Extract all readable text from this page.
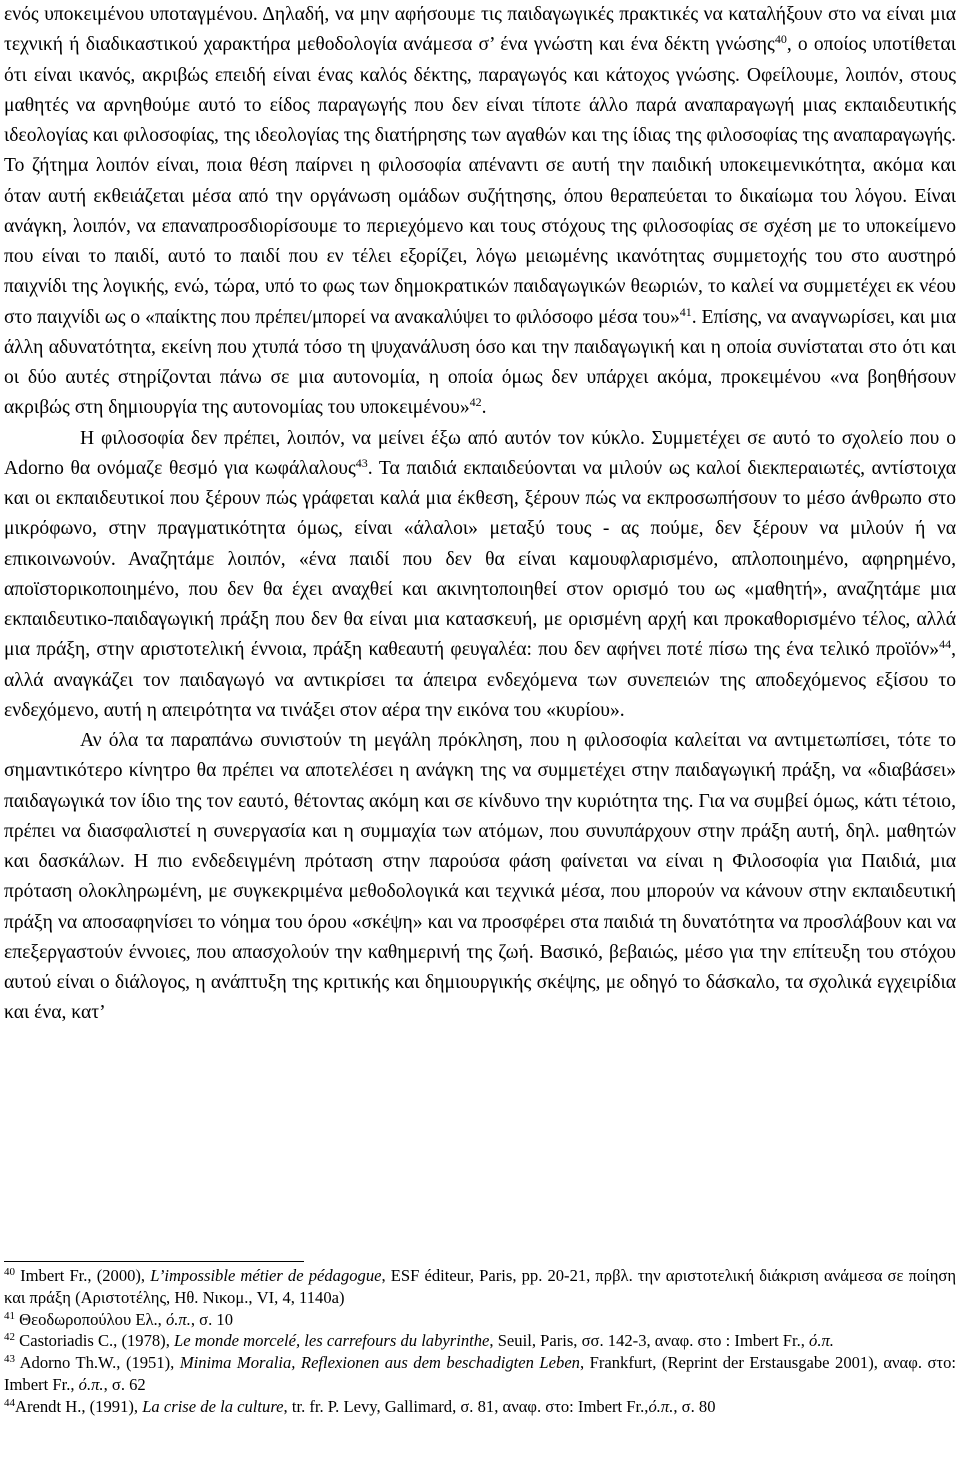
ενός υποκειμένου υποταγμένου. Δηλαδή, να μην αφήσουμε τις παιδαγωγικές πρακτικές να καταλήξουν στο να είναι μια τεχνική ή διαδικαστικού χαρακτήρα μεθοδολογία ανάμεσα σ’ ένα γνώστη και ένα δέκτη γνώσης$^{40}$, ο οποίος υποτίθεται ότι είναι ικανός, ακριβώς επειδή είναι ένας καλός δέκτης, παραγωγός και κάτοχος γνώσης. Οφείλουμε, λοιπόν, στους μαθητές να αρνηθούμε αυτό το είδος παραγωγής που δεν είναι τίποτε άλλο παρά αναπαραγωγή μιας εκπαιδευτικής ιδεολογίας και φιλοσοφίας, της ιδεολογίας της διατήρησης των αγαθών και της ίδιας της φιλοσοφίας της αναπαραγωγής. Το ζήτημα λοιπόν είναι, ποια θέση παίρνει η φιλοσοφία απέναντι σε αυτή την παιδική υποκειμενικότητα, ακόμα και όταν αυτή εκθειάζεται μέσα από την οργάνωση ομάδων συζήτησης, όπου θεραπεύεται το δικαίωμα του λόγου. Είναι ανάγκη, λοιπόν, να επαναπροσδιορίσουμε το περιεχόμενο και τους στόχους της φιλοσοφίας σε σχέση με το υποκείμενο που είναι το παιδί, αυτό το παιδί που εν τέλει εξορίζει, λόγω μειωμένης ικανότητας συμμετοχής του στο αυστηρό παιχνίδι της λογικής, ενώ, τώρα, υπό το φως των δημοκρατικών παιδαγωγικών θεωριών, το καλεί να συμμετέχει εκ νέου στο παιχνίδι ως ο «παίκτης που πρέπει/μπορεί να ανακαλύψει το φιλόσοφο μέσα του»$^{41}$. Επίσης, να αναγνωρίσει, και μια άλλη αδυνατότητα, εκείνη που χτυπά τόσο τη ψυχανάλυση όσο και την παιδαγωγική και η οποία συνίσταται στο ότι και οι δύο αυτές στηρίζονται πάνω σε μια αυτονομία, η οποία όμως δεν υπάρχει ακόμα, προκειμένου «να βοηθήσουν ακριβώς στη δημιουργία της αυτονομίας του υποκειμένου»$^{42}$.

Η φιλοσοφία δεν πρέπει, λοιπόν, να μείνει έξω από αυτόν τον κύκλο. Συμμετέχει σε αυτό το σχολείο που ο Adorno θα ονόμαζε θεσμό για κωφάλαλους$^{43}$. Τα παιδιά εκπαιδεύονται να μιλούν ως καλοί διεκπεραιωτές, αντίστοιχα και οι εκπαιδευτικοί που ξέρουν πώς γράφεται καλά μια έκθεση, ξέρουν πώς να εκπροσωπήσουν το μέσο άνθρωπο στο μικρόφωνο, στην πραγματικότητα όμως, είναι «άλαλοι» μεταξύ τους - ας πούμε, δεν ξέρουν να μιλούν ή να επικοινωνούν. Αναζητάμε λοιπόν, «ένα παιδί που δεν θα είναι καμουφλαρισμένο, απλοποιημένο, αφηρημένο, αποϊστορικοποιημένο, που δεν θα έχει αναχθεί και ακινητοποιηθεί στον ορισμό του ως «μαθητή», αναζητάμε μια εκπαιδευτικο-παιδαγωγική πράξη που δεν θα είναι μια κατασκευή, με ορισμένη αρχή και προκαθορισμένο τέλος, αλλά μια πράξη, στην αριστοτελική έννοια, πράξη καθεαυτή φευγαλέα: που δεν αφήνει ποτέ πίσω της ένα τελικό προϊόν»$^{44}$, αλλά αναγκάζει τον παιδαγωγό να αντικρίσει τα άπειρα ενδεχόμενα των συνεπειών της αποδεχόμενος εξίσου το ενδεχόμενο, αυτή η απειρότητα να τινάξει στον αέρα την εικόνα του «κυρίου».

Αν όλα τα παραπάνω συνιστούν τη μεγάλη πρόκληση, που η φιλοσοφία καλείται να αντιμετωπίσει, τότε το σημαντικότερο κίνητρο θα πρέπει να αποτελέσει η ανάγκη της να συμμετέχει στην παιδαγωγική πράξη, να «διαβάσει» παιδαγωγικά τον ίδιο της τον εαυτό, θέτοντας ακόμη και σε κίνδυνο την κυριότητα της. Για να συμβεί όμως, κάτι τέτοιο, πρέπει να διασφαλιστεί η συνεργασία και η συμμαχία των ατόμων, που συνυπάρχουν στην πράξη αυτή, δηλ. μαθητών και δασκάλων. Η πιο ενδεδειγμένη πρόταση στην παρούσα φάση φαίνεται να είναι η Φιλοσοφία για Παιδιά, μια πρόταση ολοκληρωμένη, με συγκεκριμένα μεθοδολογικά και τεχνικά μέσα, που μπορούν να κάνουν στην εκπαιδευτική πράξη να αποσαφηνίσει το νόημα του όρου «σκέψη» και να προσφέρει στα παιδιά τη δυνατότητα να προσλάβουν και να επεξεργαστούν έννοιες, που απασχολούν την καθημερινή της ζωή. Βασικό, βεβαιώς, μέσο για την επίτευξη του στόχου αυτού είναι ο διάλογος, η ανάπτυξη της κριτικής και δημιουργικής σκέψης, με οδηγό το δάσκαλο, τα σχολικά εγχειρίδια και ένα, κατ’

$^{40}$ Imbert Fr., (2000), L’impossible métier de pédagogue, ESF éditeur, Paris, pp. 20-21, πρβλ. την αριστοτελική διάκριση ανάμεσα σε ποίηση και πράξη (Αριστοτέλης, Ηθ. Νικομ., VI, 4, 1140a)

$^{41}$ Θεοδωροπούλου Ελ., ό.π., σ. 10

$^{42}$ Castoriadis C., (1978), Le monde morcelé, les carrefours du labyrinthe, Seuil, Paris, σσ. 142-3, αναφ. στο : Imbert Fr., ό.π.

$^{43}$ Adorno Th.W., (1951), Minima Moralia, Reflexionen aus dem beschadigten Leben, Frankfurt, (Reprint der Erstausgabe 2001), αναφ. στο: Imbert Fr., ό.π., σ. 62

$^{44}$Arendt H., (1991), La crise de la culture, tr. fr. P. Levy, Gallimard, σ. 81, αναφ. στο: Imbert Fr.,ό.π., σ. 80
